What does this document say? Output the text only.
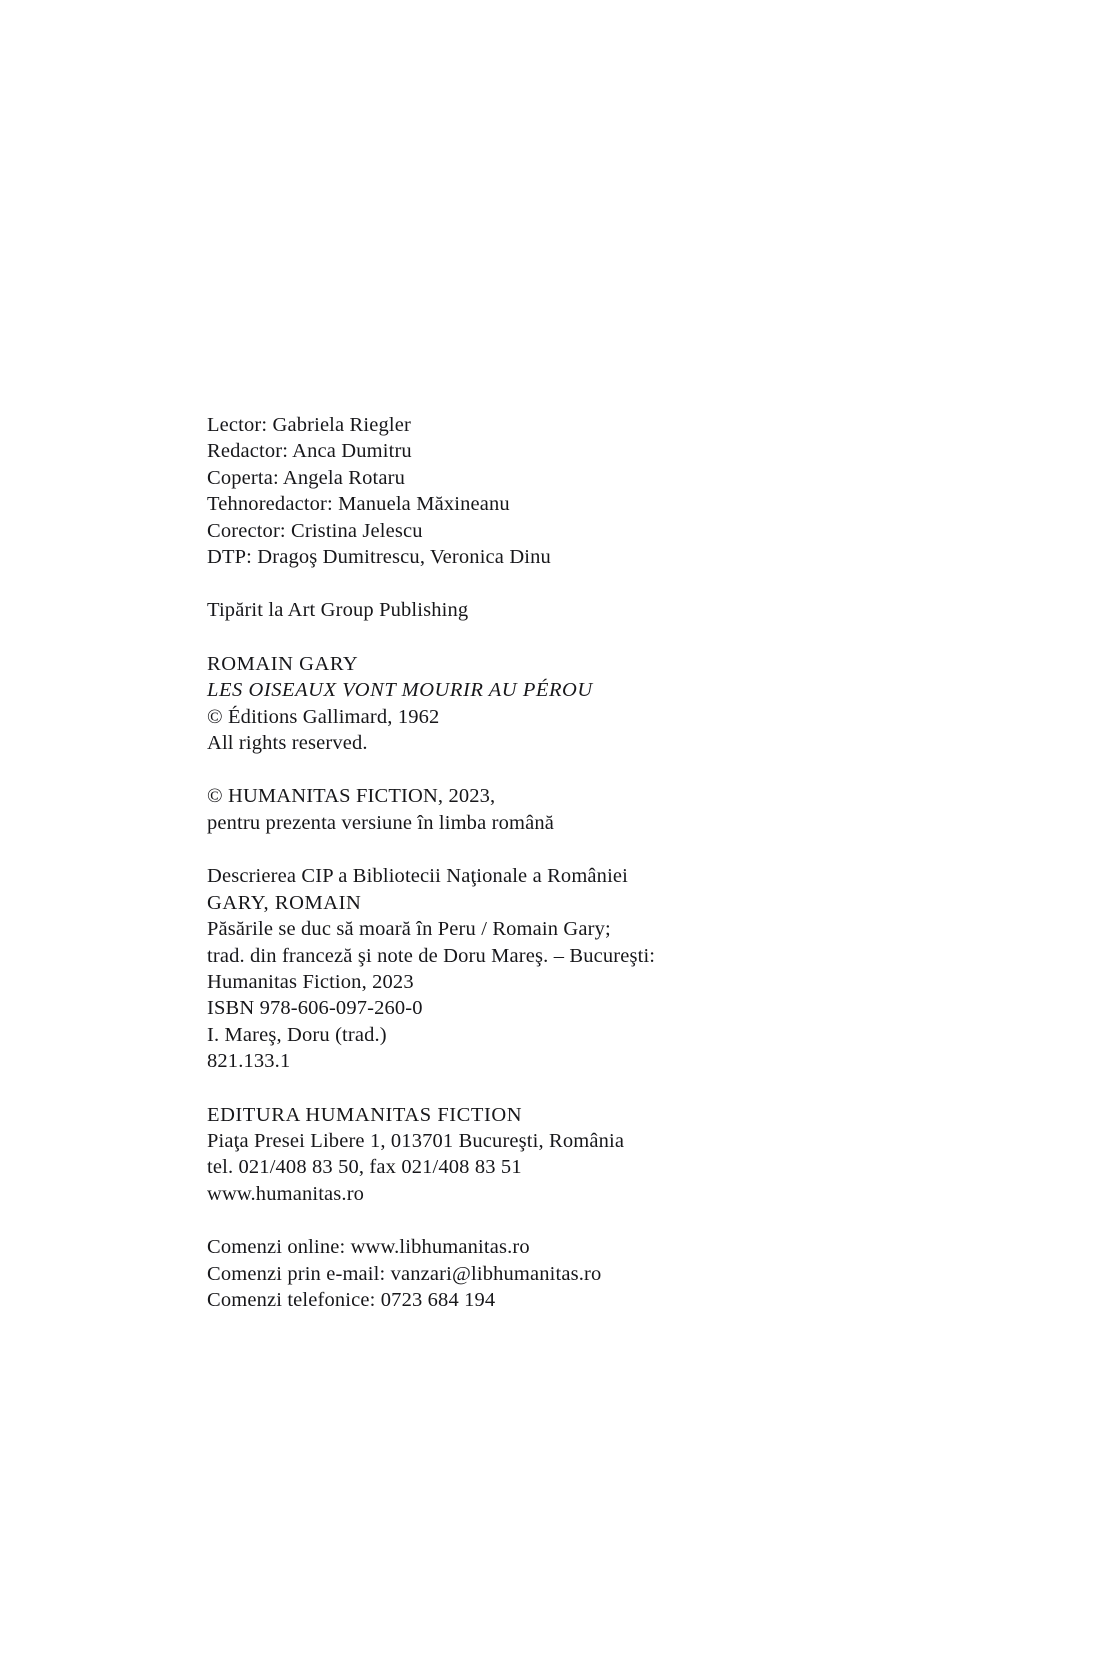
Lector: Gabriela Riegler
Redactor: Anca Dumitru
Coperta: Angela Rotaru
Tehnoredactor: Manuela Măxineanu
Corector: Cristina Jelescu
DTP: Dragoş Dumitrescu, Veronica Dinu
Tipărit la Art Group Publishing
ROMAIN GARY
LES OISEAUX VONT MOURIR AU PÉROU
© Éditions Gallimard, 1962
All rights reserved.
© HUMANITAS FICTION, 2023,
pentru prezenta versiune în limba română
Descrierea CIP a Bibliotecii Naţionale a României
GARY, ROMAIN
Păsările se duc să moară în Peru / Romain Gary;
trad. din franceză şi note de Doru Mareş. – Bucureşti:
Humanitas Fiction, 2023
ISBN 978-606-097-260-0
I. Mareş, Doru (trad.)
821.133.1
EDITURA HUMANITAS FICTION
Piaţa Presei Libere 1, 013701 Bucureşti, România
tel. 021/408 83 50, fax 021/408 83 51
www.humanitas.ro
Comenzi online: www.libhumanitas.ro
Comenzi prin e-mail: vanzari@libhumanitas.ro
Comenzi telefonice: 0723 684 194
